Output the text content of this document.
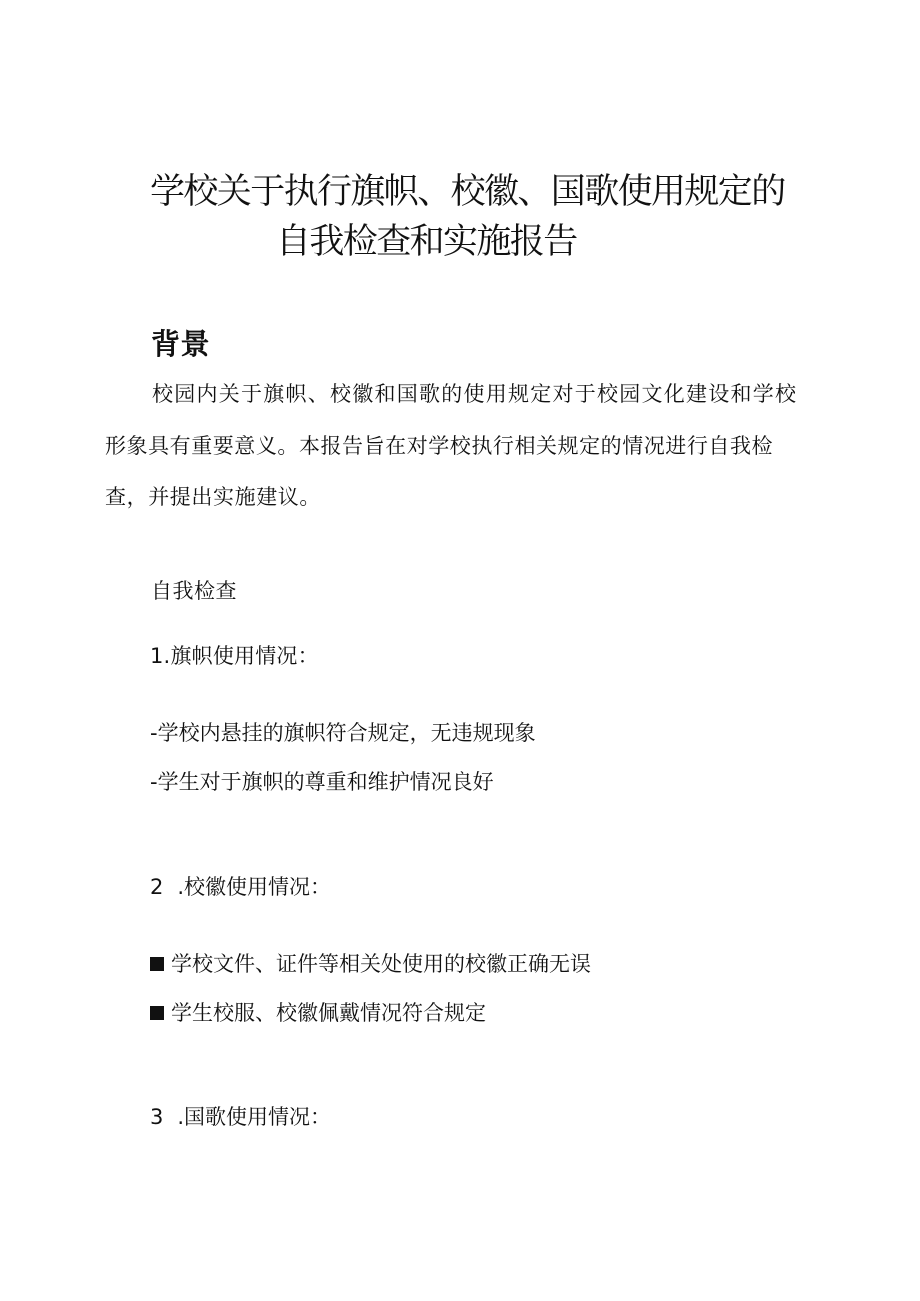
学校关于执行旗帜、校徽、国歌使用规定的
自我检查和实施报告
背景

校园内关于旗帜、校徽和国歌的使用规定对于校园文化建设和学校

形象具有重要意义。本报告旨在对学校执行相关规定的情况进行自我检

查，并提出实施建议。

自我检查

1.旗帜使用情况：

-学校内悬挂的旗帜符合规定，无违规现象

-学生对于旗帜的尊重和维护情况良好

2 .校徽使用情况：

学校文件、证件等相关处使用的校徽正确无误

学生校服、校徽佩戴情况符合规定

3 .国歌使用情况：
